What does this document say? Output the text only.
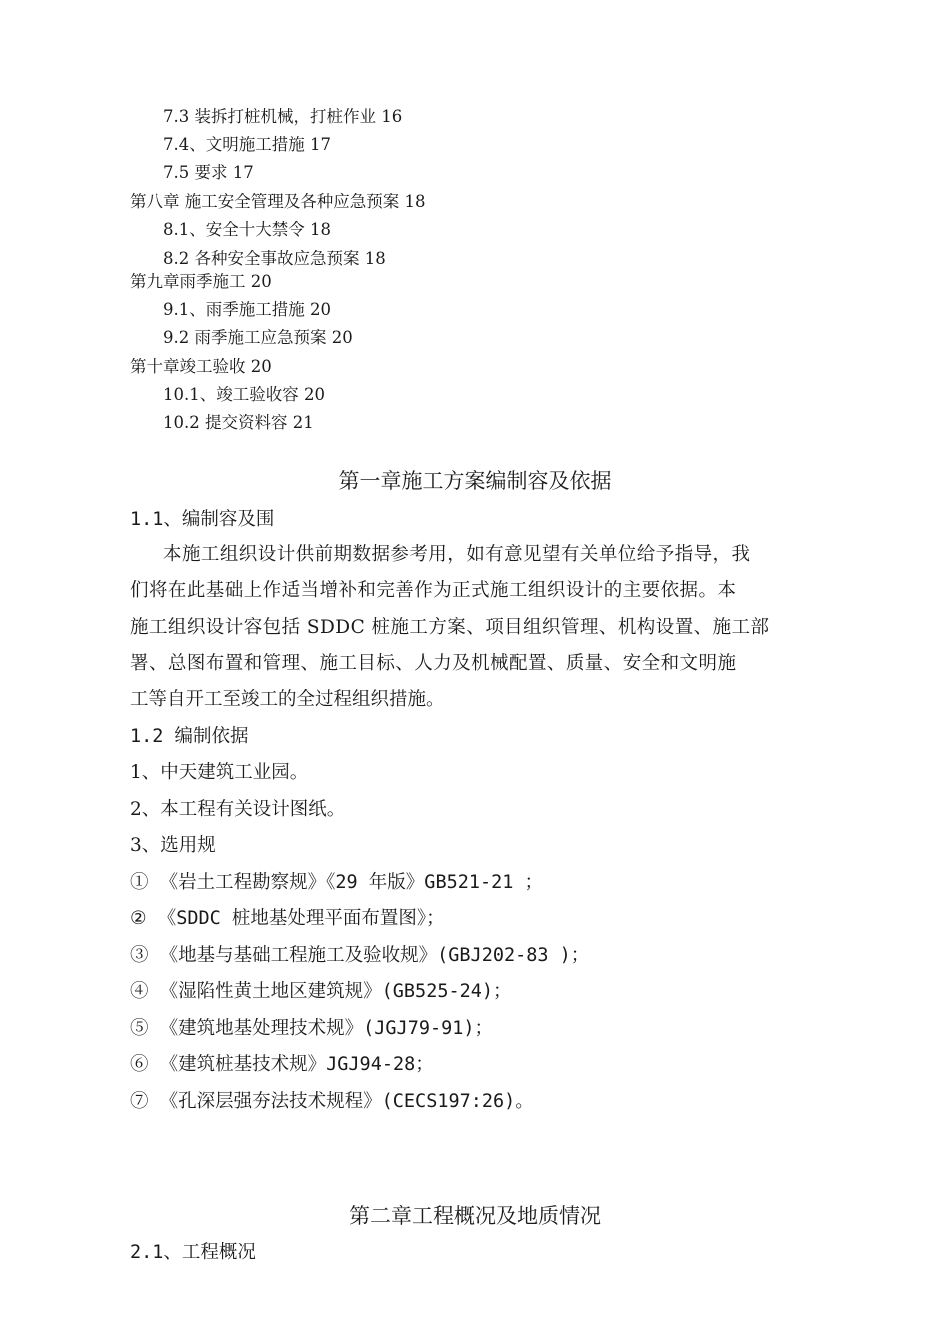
7.3 装拆打桩机械，打桩作业 16
7.4、文明施工措施 17
7.5 要求 17
第八章 施工安全管理及各种应急预案 18
8.1、安全十大禁令 18
8.2 各种安全事故应急预案 18
第九章雨季施工 20
9.1、雨季施工措施 20
9.2 雨季施工应急预案 20
第十章竣工验收 20
10.1、竣工验收容 20
10.2 提交资料容 21
第一章施工方案编制容及依据
1.1、编制容及围
本施工组织设计供前期数据参考用，如有意见望有关单位给予指导，我
们将在此基础上作适当增补和完善作为正式施工组织设计的主要依据。本
施工组织设计容包括 SDDC 桩施工方案、项目组织管理、机构设置、施工部
署、总图布置和管理、施工目标、人力及机械配置、质量、安全和文明施
工等自开工至竣工的全过程组织措施。
1.2 编制依据
1、中天建筑工业园。
2、本工程有关设计图纸。
3、选用规
① 《岩土工程勘察规》《29 年版》GB521-21 ；
② 《SDDC 桩地基处理平面布置图》；
③ 《地基与基础工程施工及验收规》(GBJ202-83 )；
④ 《湿陷性黄土地区建筑规》(GB525-24)；
⑤ 《建筑地基处理技术规》(JGJ79-91)；
⑥ 《建筑桩基技术规》JGJ94-28；
⑦ 《孔深层强夯法技术规程》(CECS197:26)。
第二章工程概况及地质情况
2.1、工程概况
